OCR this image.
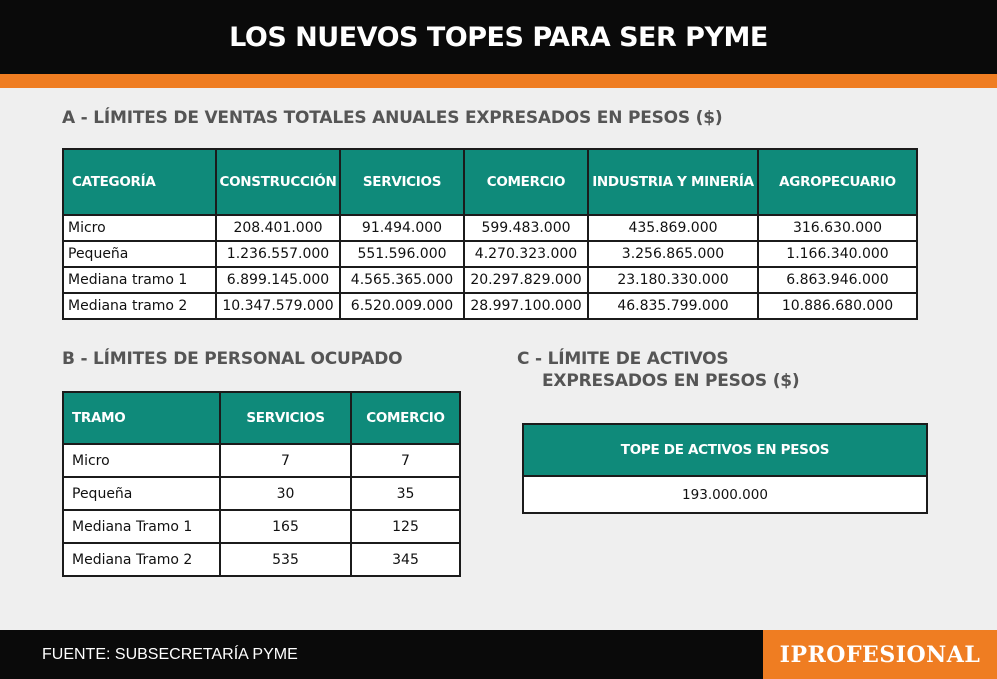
LOS NUEVOS TOPES PARA SER PYME
A - LÍMITES DE VENTAS TOTALES ANUALES EXPRESADOS EN PESOS ($)
CATEGORÍA	CONSTRUCCIÓN	SERVICIOS	COMERCIO	INDUSTRIA Y MINERÍA	AGROPECUARIO
Micro	208.401.000	91.494.000	599.483.000	435.869.000	316.630.000
Pequeña	1.236.557.000	551.596.000	4.270.323.000	3.256.865.000	1.166.340.000
Mediana tramo 1	6.899.145.000	4.565.365.000	20.297.829.000	23.180.330.000	6.863.946.000
Mediana tramo 2	10.347.579.000	6.520.009.000	28.997.100.000	46.835.799.000	10.886.680.000
B - LÍMITES DE PERSONAL OCUPADO
TRAMO	SERVICIOS	COMERCIO
Micro	7	7
Pequeña	30	35
Mediana Tramo 1	165	125
Mediana Tramo 2	535	345
C - LÍMITE DE ACTIVOS
EXPRESADOS EN PESOS ($)
TOPE DE ACTIVOS EN PESOS
193.000.000
FUENTE: SUBSECRETARÍA PYME	IPROFESIONAL
